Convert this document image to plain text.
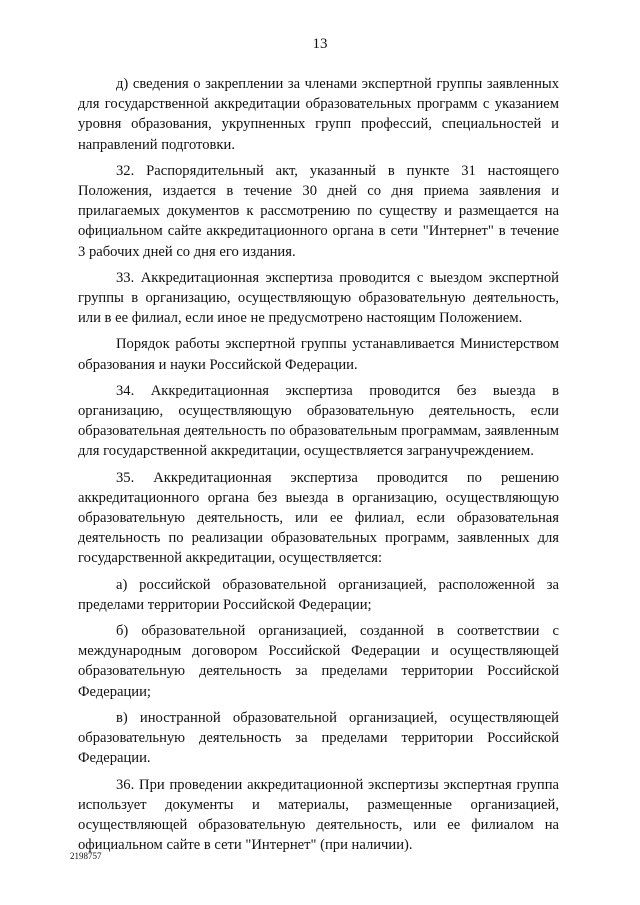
13

д) сведения о закреплении за членами экспертной группы заявленных для государственной аккредитации образовательных программ с указанием уровня образования, укрупненных групп профессий, специальностей и направлений подготовки.

32. Распорядительный акт, указанный в пункте 31 настоящего Положения, издается в течение 30 дней со дня приема заявления и прилагаемых документов к рассмотрению по существу и размещается на официальном сайте аккредитационного органа в сети "Интернет" в течение 3 рабочих дней со дня его издания.

33. Аккредитационная экспертиза проводится с выездом экспертной группы в организацию, осуществляющую образовательную деятельность, или в ее филиал, если иное не предусмотрено настоящим Положением.

Порядок работы экспертной группы устанавливается Министерством образования и науки Российской Федерации.

34. Аккредитационная экспертиза проводится без выезда в организацию, осуществляющую образовательную деятельность, если образовательная деятельность по образовательным программам, заявленным для государственной аккредитации, осуществляется загранучреждением.

35. Аккредитационная экспертиза проводится по решению аккредитационного органа без выезда в организацию, осуществляющую образовательную деятельность, или ее филиал, если образовательная деятельность по реализации образовательных программ, заявленных для государственной аккредитации, осуществляется:

а) российской образовательной организацией, расположенной за пределами территории Российской Федерации;

б) образовательной организацией, созданной в соответствии с международным договором Российской Федерации и осуществляющей образовательную деятельность за пределами территории Российской Федерации;

в) иностранной образовательной организацией, осуществляющей образовательную деятельность за пределами территории Российской Федерации.

36. При проведении аккредитационной экспертизы экспертная группа использует документы и материалы, размещенные организацией, осуществляющей образовательную деятельность, или ее филиалом на официальном сайте в сети "Интернет" (при наличии).

2198757
